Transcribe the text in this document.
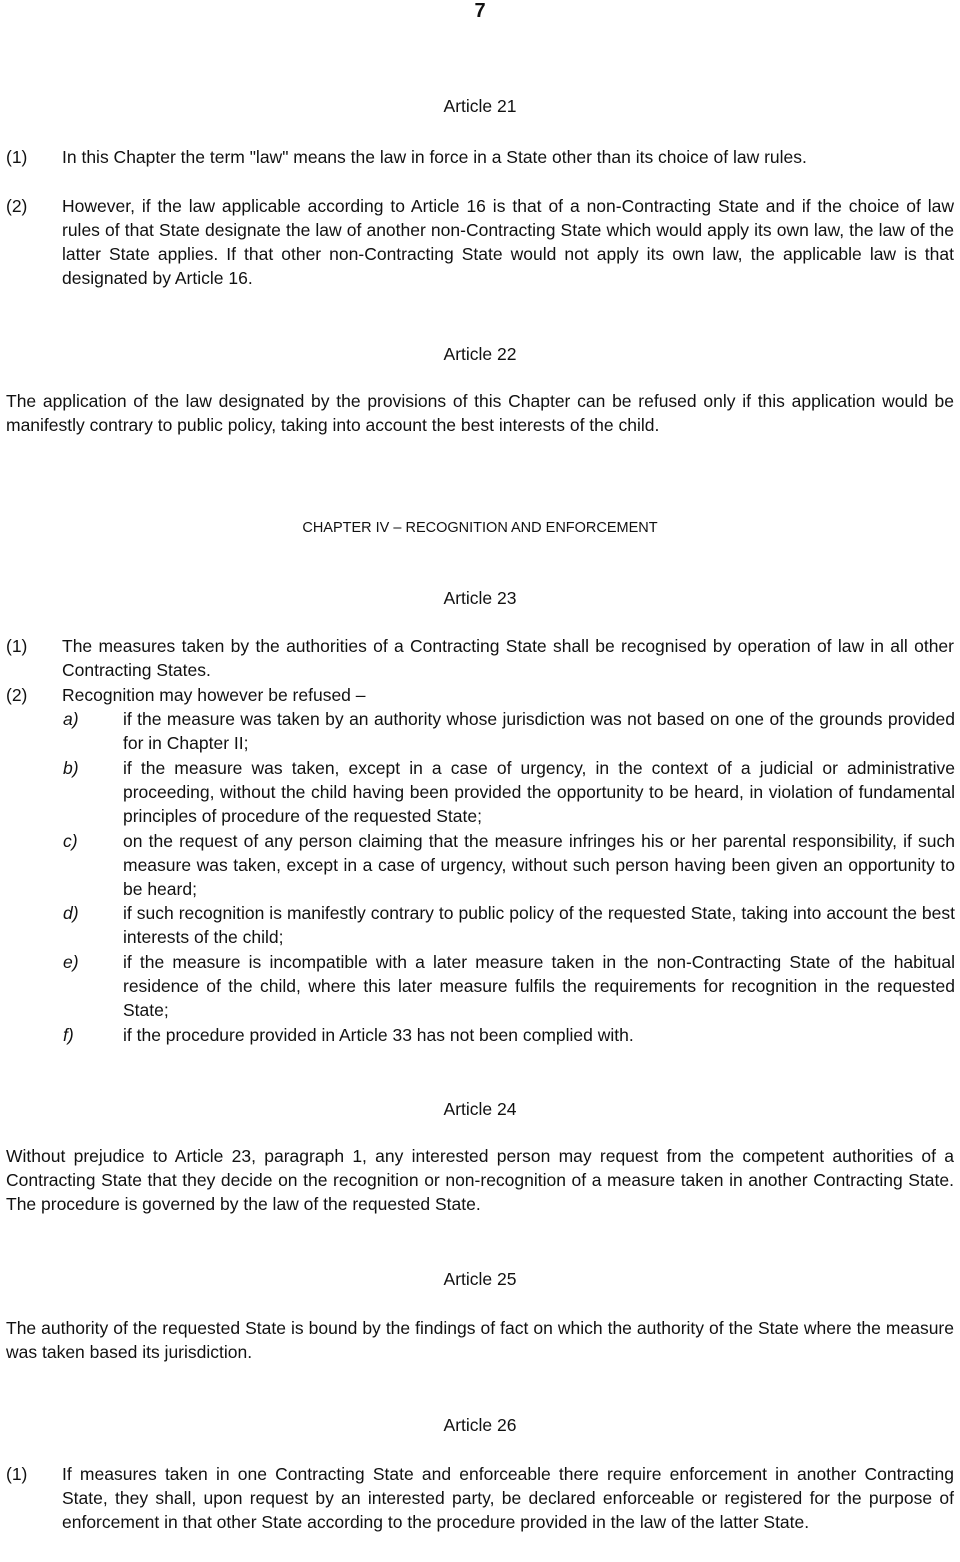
7
Article 21
(1)	In this Chapter the term "law" means the law in force in a State other than its choice of law rules.
(2)	However, if the law applicable according to Article 16 is that of a non-Contracting State and if the choice of law rules of that State designate the law of another non-Contracting State which would apply its own law, the law of the latter State applies. If that other non-Contracting State would not apply its own law, the applicable law is that designated by Article 16.
Article 22
The application of the law designated by the provisions of this Chapter can be refused only if this application would be manifestly contrary to public policy, taking into account the best interests of the child.
CHAPTER IV – RECOGNITION AND ENFORCEMENT
Article 23
(1)	The measures taken by the authorities of a Contracting State shall be recognised by operation of law in all other Contracting States.
(2)	Recognition may however be refused –
a)	if the measure was taken by an authority whose jurisdiction was not based on one of the grounds provided for in Chapter II;
b)	if the measure was taken, except in a case of urgency, in the context of a judicial or administrative proceeding, without the child having been provided the opportunity to be heard, in violation of fundamental principles of procedure of the requested State;
c)	on the request of any person claiming that the measure infringes his or her parental responsibility, if such measure was taken, except in a case of urgency, without such person having been given an opportunity to be heard;
d)	if such recognition is manifestly contrary to public policy of the requested State, taking into account the best interests of the child;
e)	if the measure is incompatible with a later measure taken in the non-Contracting State of the habitual residence of the child, where this later measure fulfils the requirements for recognition in the requested State;
f)	if the procedure provided in Article 33 has not been complied with.
Article 24
Without prejudice to Article 23, paragraph 1, any interested person may request from the competent authorities of a Contracting State that they decide on the recognition or non-recognition of a measure taken in another Contracting State. The procedure is governed by the law of the requested State.
Article 25
The authority of the requested State is bound by the findings of fact on which the authority of the State where the measure was taken based its jurisdiction.
Article 26
(1)	If measures taken in one Contracting State and enforceable there require enforcement in another Contracting State, they shall, upon request by an interested party, be declared enforceable or registered for the purpose of enforcement in that other State according to the procedure provided in the law of the latter State.
